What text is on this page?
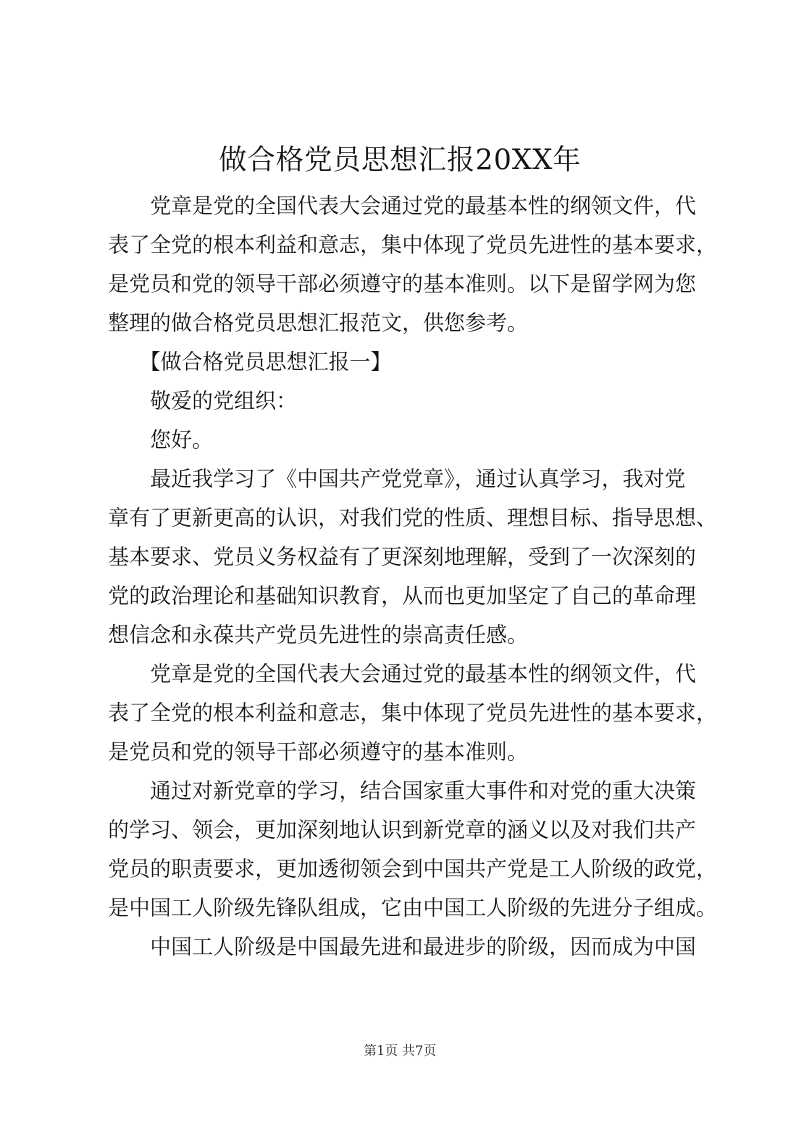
做合格党员思想汇报20XX年
　　党章是党的全国代表大会通过党的最基本性的纲领文件，代
表了全党的根本利益和意志，集中体现了党员先进性的基本要求，
是党员和党的领导干部必须遵守的基本准则。以下是留学网为您
整理的做合格党员思想汇报范文，供您参考。
　　【做合格党员思想汇报一】
　　敬爱的党组织：
　　您好。
　　最近我学习了《中国共产党党章》，通过认真学习，我对党
章有了更新更高的认识，对我们党的性质、理想目标、指导思想、
基本要求、党员义务权益有了更深刻地理解，受到了一次深刻的
党的政治理论和基础知识教育，从而也更加坚定了自己的革命理
想信念和永葆共产党员先进性的崇高责任感。
　　党章是党的全国代表大会通过党的最基本性的纲领文件，代
表了全党的根本利益和意志，集中体现了党员先进性的基本要求，
是党员和党的领导干部必须遵守的基本准则。
　　通过对新党章的学习，结合国家重大事件和对党的重大决策
的学习、领会，更加深刻地认识到新党章的涵义以及对我们共产
党员的职责要求，更加透彻领会到中国共产党是工人阶级的政党，
是中国工人阶级先锋队组成，它由中国工人阶级的先进分子组成。
　　中国工人阶级是中国最先进和最进步的阶级，因而成为中国
第1页 共7页
